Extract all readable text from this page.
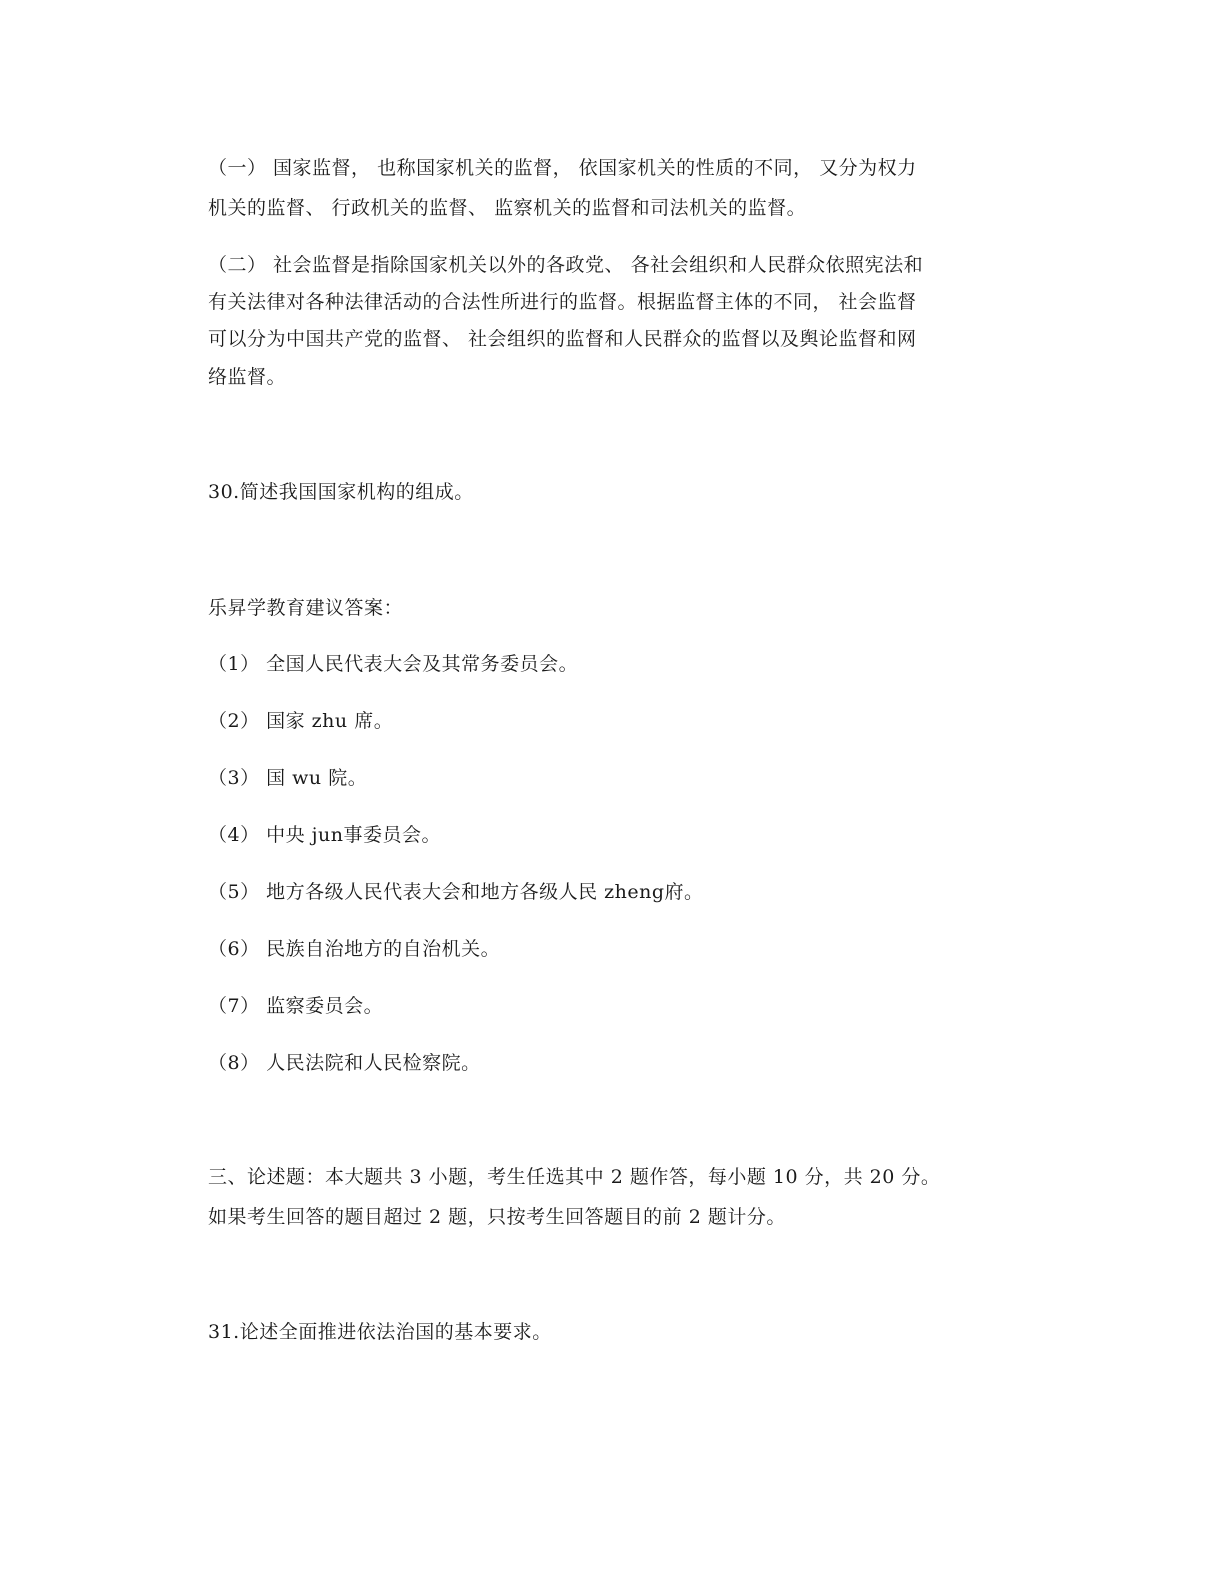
（一） 国家监督， 也称国家机关的监督， 依国家机关的性质的不同， 又分为权力
机关的监督、 行政机关的监督、 监察机关的监督和司法机关的监督。
（二） 社会监督是指除国家机关以外的各政党、 各社会组织和人民群众依照宪法和
有关法律对各种法律活动的合法性所进行的监督。根据监督主体的不同， 社会监督
可以分为中国共产党的监督、 社会组织的监督和人民群众的监督以及舆论监督和网
络监督。
30.简述我国国家机构的组成。
乐昇学教育建议答案：
（1） 全国人民代表大会及其常务委员会。
（2） 国家 zhu 席。
（3） 国 wu 院。
（4） 中央 jun事委员会。
（5） 地方各级人民代表大会和地方各级人民 zheng府。
（6） 民族自治地方的自治机关。
（7） 监察委员会。
（8） 人民法院和人民检察院。
三、论述题：本大题共 3 小题，考生任选其中 2 题作答，每小题 10 分，共 20 分。
如果考生回答的题目超过 2 题，只按考生回答题目的前 2 题计分。
31.论述全面推进依法治国的基本要求。
